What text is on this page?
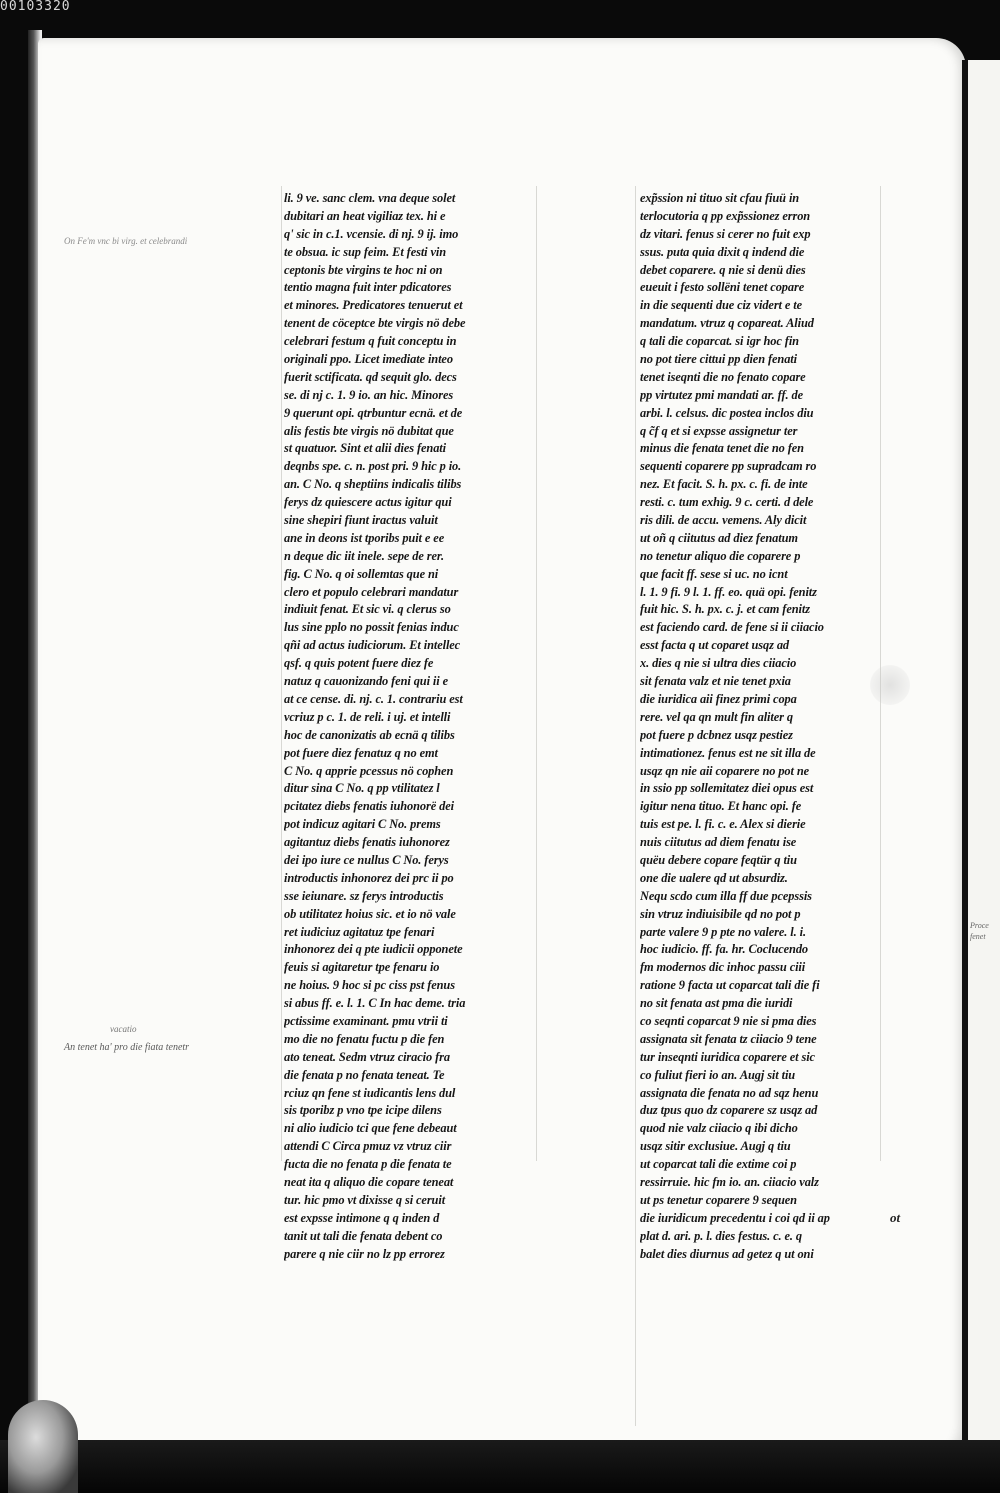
00103320
On Fe'm vnc bi virg. et celebrandi
vacatio
An tenet ha' pro die fiata tenetr
Proce fenet
ot
li. 9 ve. sanc clem. vna deque solet
dubitari an heat vigiliaz tex. hi e
q' sic in c.1. vcensie. di nj. 9 ij. imo
te obsua. ic sup feim. Et festi vin
ceptonis bte virgins te hoc ni on
tentio magna fuit inter pdicatores
et minores. Predicatores tenuerut et
tenent de cöceptce bte virgis nö debe
celebrari festum q fuit conceptu in
originali ppo. Licet imediate inteo
fuerit sctificata. qd sequit glo. decs
se. di nj c. 1. 9 io. an hic. Minores
9 querunt opi. qtrbuntur ecnä. et de
alis festis bte virgis nö dubitat que
st quatuor. Sint et alii dies fenati
deqnbs spe. c. n. post pri. 9 hic p io.
an. C No. q sheptiins indicalis tilibs
ferys dz quiescere actus igitur qui
sine shepiri fiunt iractus valuit
ane in deons ist tporibs puit e ee
n deque dic iit inele. sepe de rer.
fig. C No. q oi sollemtas que ni
clero et populo celebrari mandatur
indiuit fenat. Et sic vi. q clerus so
lus sine pplo no possit fenias induc
qñi ad actus iudiciorum. Et intellec
qsf. q quis potent fuere diez fe
natuz q cauonizando feni qui ii e
at ce cense. di. nj. c. 1. contrariu est
vcriuz p c. 1. de reli. i uj. et intelli
hoc de canonizatis ab ecnä q tilibs
pot fuere diez fenatuz q no emt
C No. q apprie pcessus nö cophen
ditur sina C No. q pp vtilitatez l
pcitatez diebs fenatis iuhonorë dei
pot indicuz agitari C No. prems
agitantuz diebs fenatis iuhonorez
dei ipo iure ce nullus C No. ferys
introductis inhonorez dei prc ii po
sse ieiunare. sz ferys introductis
ob utilitatez hoius sic. et io nö vale
ret iudiciuz agitatuz tpe fenari
inhonorez dei q pte iudicii opponete
feuis si agitaretur tpe fenaru io
ne hoius. 9 hoc si pc ciss pst fenus
si abus ff. e. l. 1. C In hac deme. tria
pctissime examinant. pmu vtrii ti
mo die no fenatu fuctu p die fen
ato teneat. Sedm vtruz ciracio fra
die fenata p no fenata teneat. Te
rciuz qn fene st iudicantis lens dul
sis tporibz p vno tpe icipe dilens
ni alio iudicio tci que fene debeaut
attendi C Circa pmuz vz vtruz ciir
fucta die no fenata p die fenata te
neat ita q aliquo die copare teneat
tur. hic pmo vt dixisse q si ceruit
est expsse intimone q q inden d
tanit ut tali die fenata debent co
parere q nie ciir no lz pp errorez
exp̃ssion ni tituo sit cfau fiuü in
terlocutoria q pp exp̃ssionez erron
dz vitari. fenus si cerer no fuit exp
ssus. puta quia dixit q indend die
debet coparere. q nie si denü dies
eueuit i festo sollëni tenet copare
in die sequenti due ciz vidert e te
mandatum. vtruz q copareat. Aliud
q tali die coparcat. si igr hoc fin
no pot tiere cittui pp dien fenati
tenet iseqnti die no fenato copare
pp virtutez pmi mandati ar. ff. de
arbi. l. celsus. dic postea inclos diu
q c̃f q et si expsse assignetur ter
minus die fenata tenet die no fen
sequenti coparere pp supradcam ro
nez. Et facit. S. h. px. c. fi. de inte
resti. c. tum exhig. 9 c. certi. d dele
ris dili. de accu. vemens. Aly dicit
ut oñ q ciitutus ad diez fenatum
no tenetur aliquo die coparere p
que facit ff. sese si uc. no icnt
l. 1. 9 fi. 9 l. 1. ff. eo. quä opi. fenitz
fuit hic. S. h. px. c. j. et cam fenitz
est faciendo card. de fene si ii ciiacio
esst facta q ut coparet usqz ad
x. dies q nie si ultra dies ciiacio
sit fenata valz et nie tenet pxia
die iuridica aii finez primi copa
rere. vel qa qn mult fin aliter q
pot fuere p dcbnez usqz pestiez
intimationez. fenus est ne sit illa de
usqz qn nie aii coparere no pot ne
in ssio pp sollemitatez diei opus est
igitur nena tituo. Et hanc opi. fe
tuis est pe. l. fi. c. e. Alex si dierie
nuis ciitutus ad diem fenatu ise
quëu debere copare feqtür q tiu
one die ualere qd ut absurdiz.
Nequ scdo cum illa ff due pcepssis
sin vtruz indiuisibile qd no pot p
parte valere 9 p pte no valere. l. i.
hoc iudicio. ff. fa. hr. Coclucendo
fm modernos dic inhoc passu ciii
ratione 9 facta ut coparcat tali die fi
no sit fenata ast pma die iuridi
co seqnti coparcat 9 nie si pma dies
assignata sit fenata tz ciiacio 9 tene
tur inseqnti iuridica coparere et sic
co fuliut fieri io an. Augj sit tiu
assignata die fenata no ad sqz henu
duz tpus quo dz coparere sz usqz ad
quod nie valz ciiacio q ibi dicho
usqz sitir exclusiue. Augj q tiu
ut coparcat tali die extime coi p
ressirruie. hic fm io. an. ciiacio valz
ut ps tenetur coparere 9 sequen
die iuridicum precedentu i coi qd ii ap
plat d. ari. p. l. dies festus. c. e. q
balet dies diurnus ad getez q ut oni
